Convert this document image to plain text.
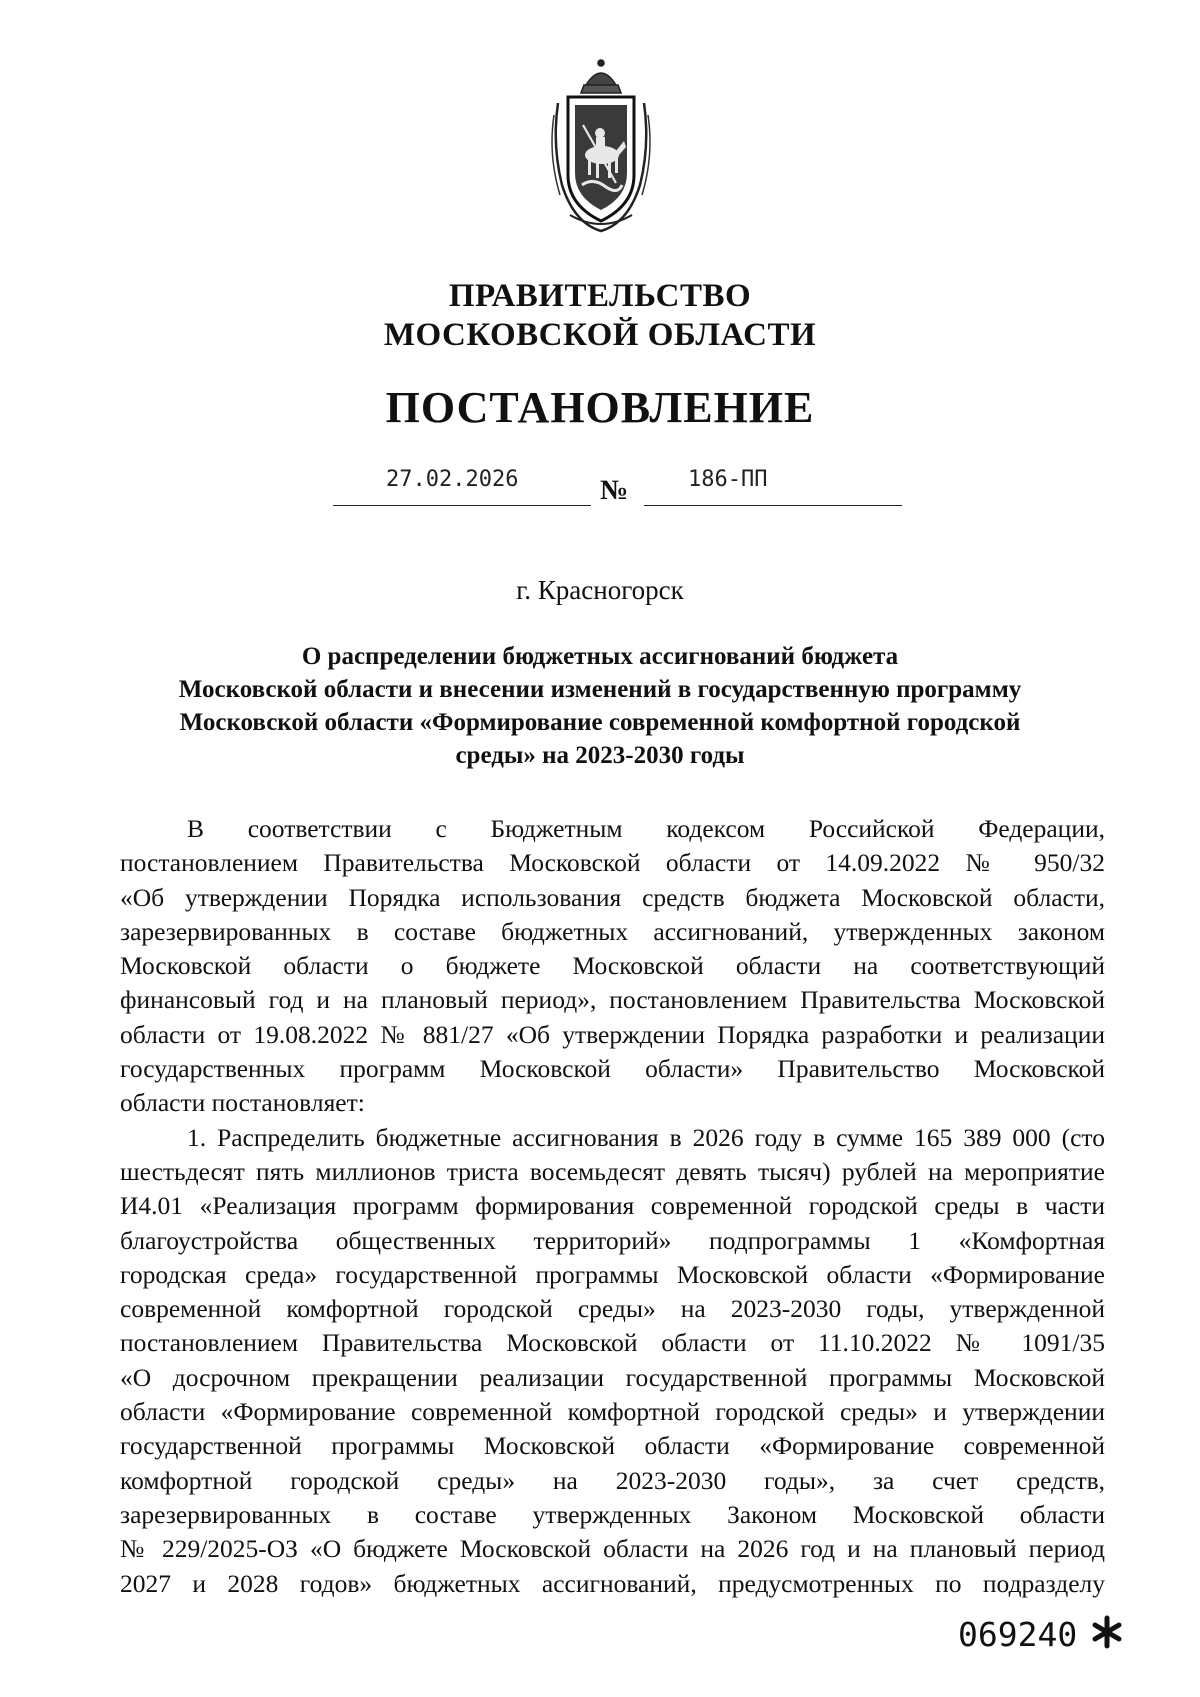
ПРАВИТЕЛЬСТВО
МОСКОВСКОЙ ОБЛАСТИ
ПОСТАНОВЛЕНИЕ
27.02.2026	№	186-ПП
г. Красногорск
О распределении бюджетных ассигнований бюджета
Московской области и внесении изменений в государственную программу
Московской области «Формирование современной комфортной городской
среды» на 2023-2030 годы
В соответствии с Бюджетным кодексом Российской Федерации,
постановлением Правительства Московской области от 14.09.2022 № 950/32
«Об утверждении Порядка использования средств бюджета Московской области,
зарезервированных в составе бюджетных ассигнований, утвержденных законом
Московской области о бюджете Московской области на соответствующий
финансовый год и на плановый период», постановлением Правительства Московской
области от 19.08.2022 № 881/27 «Об утверждении Порядка разработки и реализации
государственных программ Московской области» Правительство Московской
области постановляет:
1. Распределить бюджетные ассигнования в 2026 году в сумме 165 389 000 (сто
шестьдесят пять миллионов триста восемьдесят девять тысяч) рублей на мероприятие
И4.01 «Реализация программ формирования современной городской среды в части
благоустройства общественных территорий» подпрограммы 1 «Комфортная
городская среда» государственной программы Московской области «Формирование
современной комфортной городской среды» на 2023-2030 годы, утвержденной
постановлением Правительства Московской области от 11.10.2022 № 1091/35
«О досрочном прекращении реализации государственной программы Московской
области «Формирование современной комфортной городской среды» и утверждении
государственной программы Московской области «Формирование современной
комфортной городской среды» на 2023-2030 годы», за счет средств,
зарезервированных в составе утвержденных Законом Московской области
№ 229/2025-ОЗ «О бюджете Московской области на 2026 год и на плановый период
2027 и 2028 годов» бюджетных ассигнований, предусмотренных по подразделу
069240
